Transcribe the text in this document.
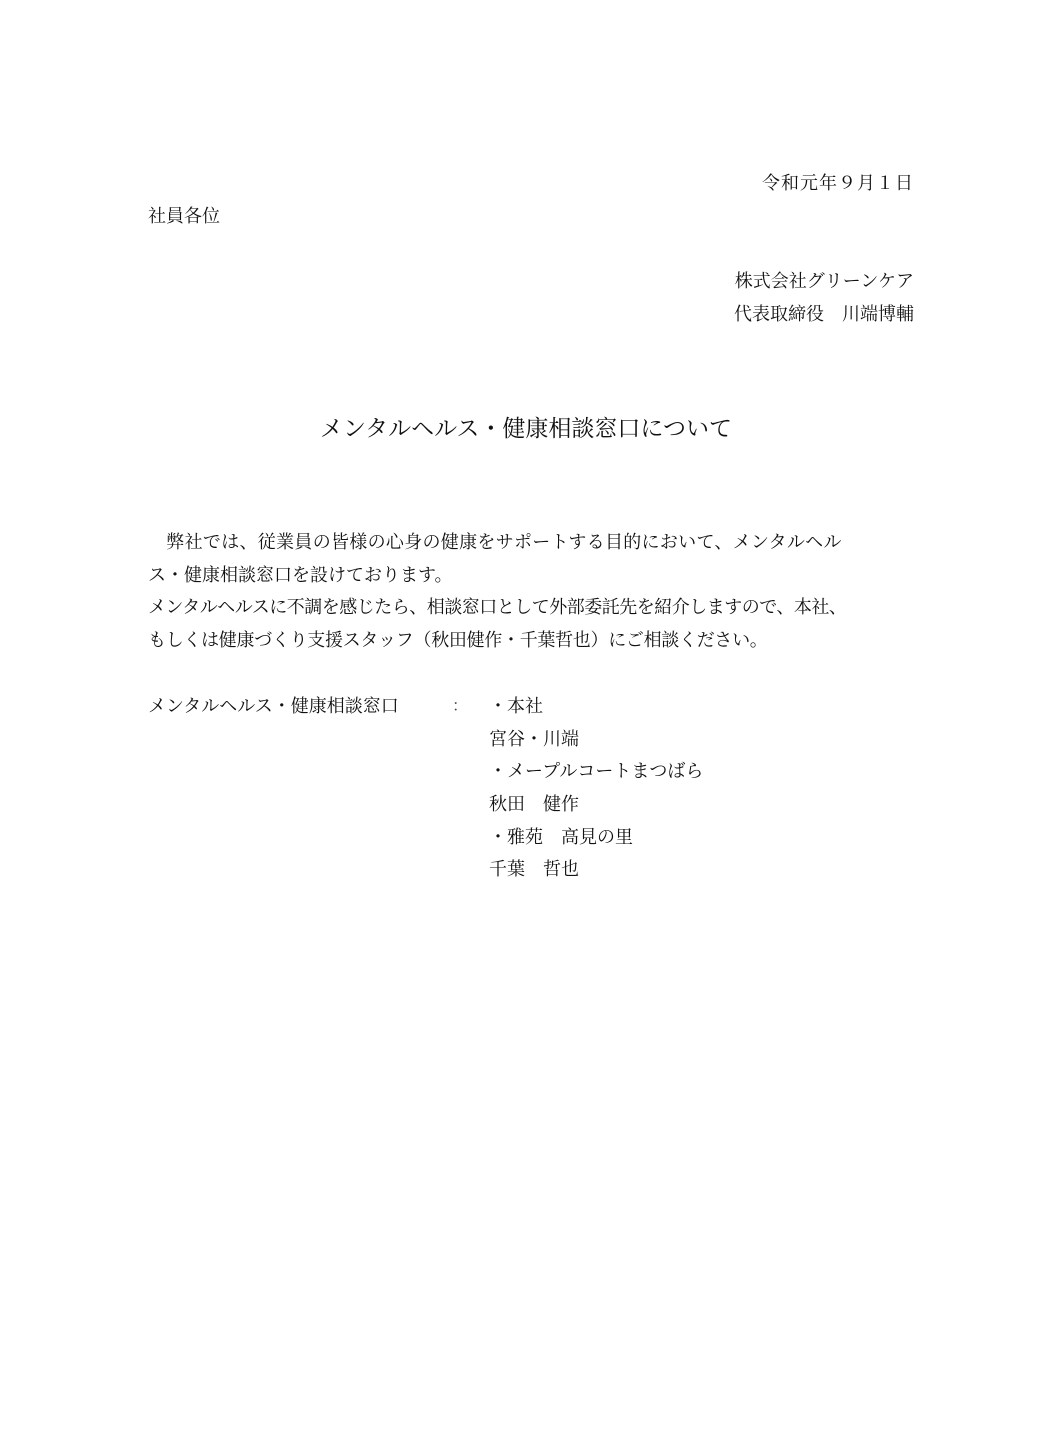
令和元年９月１日
社員各位
株式会社グリーンケア
代表取締役　川端博輔
メンタルヘルス・健康相談窓口について
　弊社では、従業員の皆様の心身の健康をサポートする目的において、メンタルヘル
ス・健康相談窓口を設けております。
メンタルヘルスに不調を感じたら、相談窓口として外部委託先を紹介しますので、本社、
もしくは健康づくり支援スタッフ（秋田健作・千葉哲也）にご相談ください。
メンタルヘルス・健康相談窓口	： ・本社
宮谷・川端
・メープルコートまつばら
秋田　健作
・雅苑　高見の里
千葉　哲也
